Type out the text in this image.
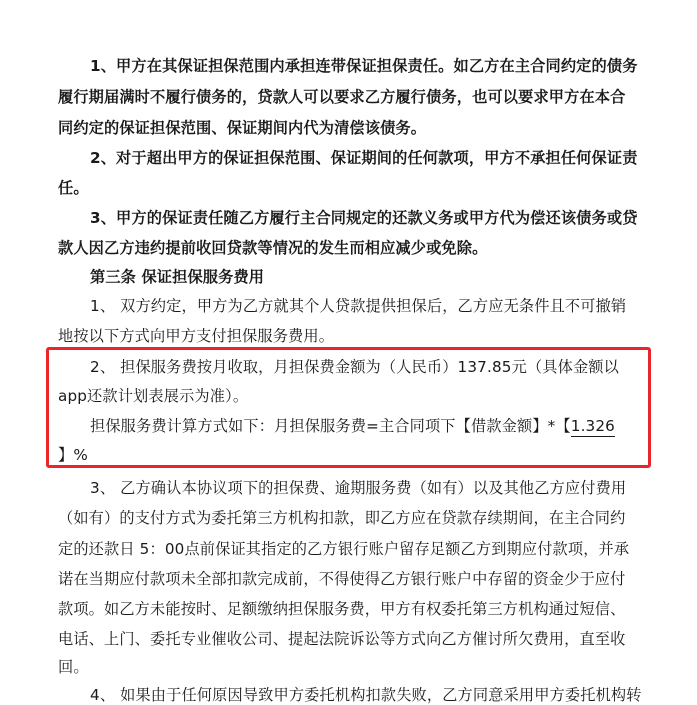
1、甲方在其保证担保范围内承担连带保证担保责任。如乙方在主合同约定的债务
履行期届满时不履行债务的，贷款人可以要求乙方履行债务，也可以要求甲方在本合
同约定的保证担保范围、保证期间内代为清偿该债务。
2、对于超出甲方的保证担保范围、保证期间的任何款项，甲方不承担任何保证责
任。
3、甲方的保证责任随乙方履行主合同规定的还款义务或甲方代为偿还该债务或贷
款人因乙方违约提前收回贷款等情况的发生而相应减少或免除。
第三条 保证担保服务费用
1、 双方约定，甲方为乙方就其个人贷款提供担保后，乙方应无条件且不可撤销
地按以下方式向甲方支付担保服务费用。
2、 担保服务费按月收取，月担保费金额为（人民币）137.85元（具体金额以
app还款计划表展示为准）。
担保服务费计算方式如下：月担保服务费=主合同项下【借款金额】*【1.326
】%
3、 乙方确认本协议项下的担保费、逾期服务费（如有）以及其他乙方应付费用
（如有）的支付方式为委托第三方机构扣款，即乙方应在贷款存续期间，在主合同约
定的还款日 5：00点前保证其指定的乙方银行账户留存足额乙方到期应付款项，并承
诺在当期应付款项未全部扣款完成前，不得使得乙方银行账户中存留的资金少于应付
款项。如乙方未能按时、足额缴纳担保服务费，甲方有权委托第三方机构通过短信、
电话、上门、委托专业催收公司、提起法院诉讼等方式向乙方催讨所欠费用，直至收
回。
4、 如果由于任何原因导致甲方委托机构扣款失败，乙方同意采用甲方委托机构转
